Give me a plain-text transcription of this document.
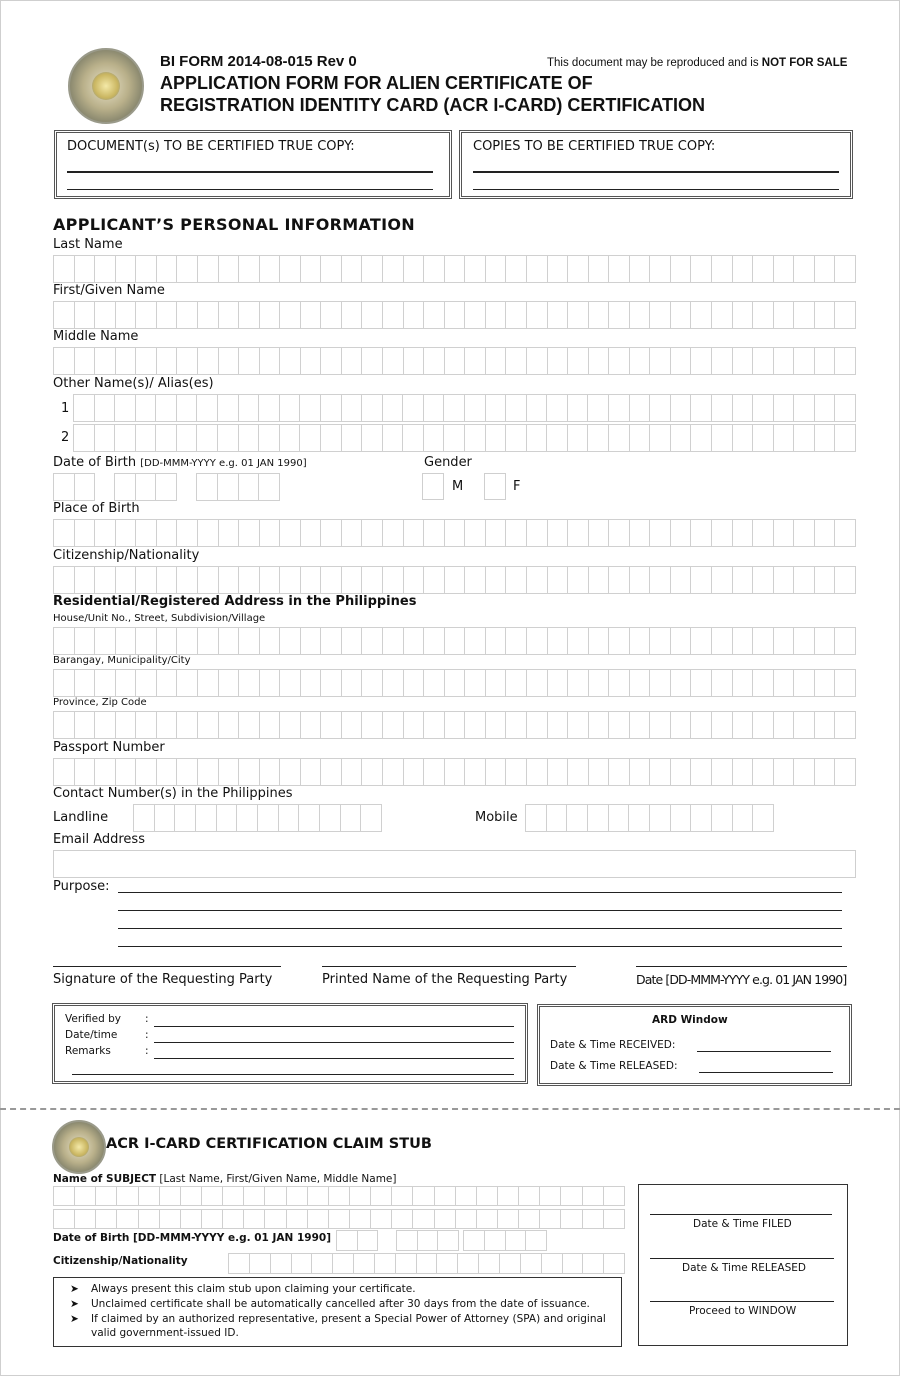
BI FORM 2014-08-015 Rev 0	This document may be reproduced and is NOT FOR SALE
APPLICATION FORM FOR ALIEN CERTIFICATE OF
REGISTRATION IDENTITY CARD (ACR I-CARD) CERTIFICATION
DOCUMENT(s) TO BE CERTIFIED TRUE COPY:	COPIES TO BE CERTIFIED TRUE COPY:
APPLICANT’S PERSONAL INFORMATION
Last Name
First/Given Name
Middle Name
Other Name(s)/ Alias(es)
1
2
Date of Birth [DD-MMM-YYYY e.g. 01 JAN 1990]	Gender
M	F
Place of Birth
Citizenship/Nationality
Residential/Registered Address in the Philippines
House/Unit No., Street, Subdivision/Village
Barangay, Municipality/City
Province, Zip Code
Passport Number
Contact Number(s) in the Philippines
Landline	Mobile
Email Address
Purpose:
Signature of the Requesting Party	Printed Name of the Requesting Party	Date [DD-MMM-YYYY e.g. 01 JAN 1990]
Verified by :
Date/time	:
Remarks	:
ARD Window
Date & Time RECEIVED:
Date & Time RELEASED:
ACR I-CARD CERTIFICATION CLAIM STUB
Name of SUBJECT [Last Name, First/Given Name, Middle Name]
Date of Birth [DD-MMM-YYYY e.g. 01 JAN 1990]
Citizenship/Nationality
➤ Always present this claim stub upon claiming your certificate.
➤ Unclaimed certificate shall be automatically cancelled after 30 days from the date of issuance.
➤ If claimed by an authorized representative, present a Special Power of Attorney (SPA) and original
valid government-issued ID.
Date & Time FILED
Date & Time RELEASED
Proceed to WINDOW
